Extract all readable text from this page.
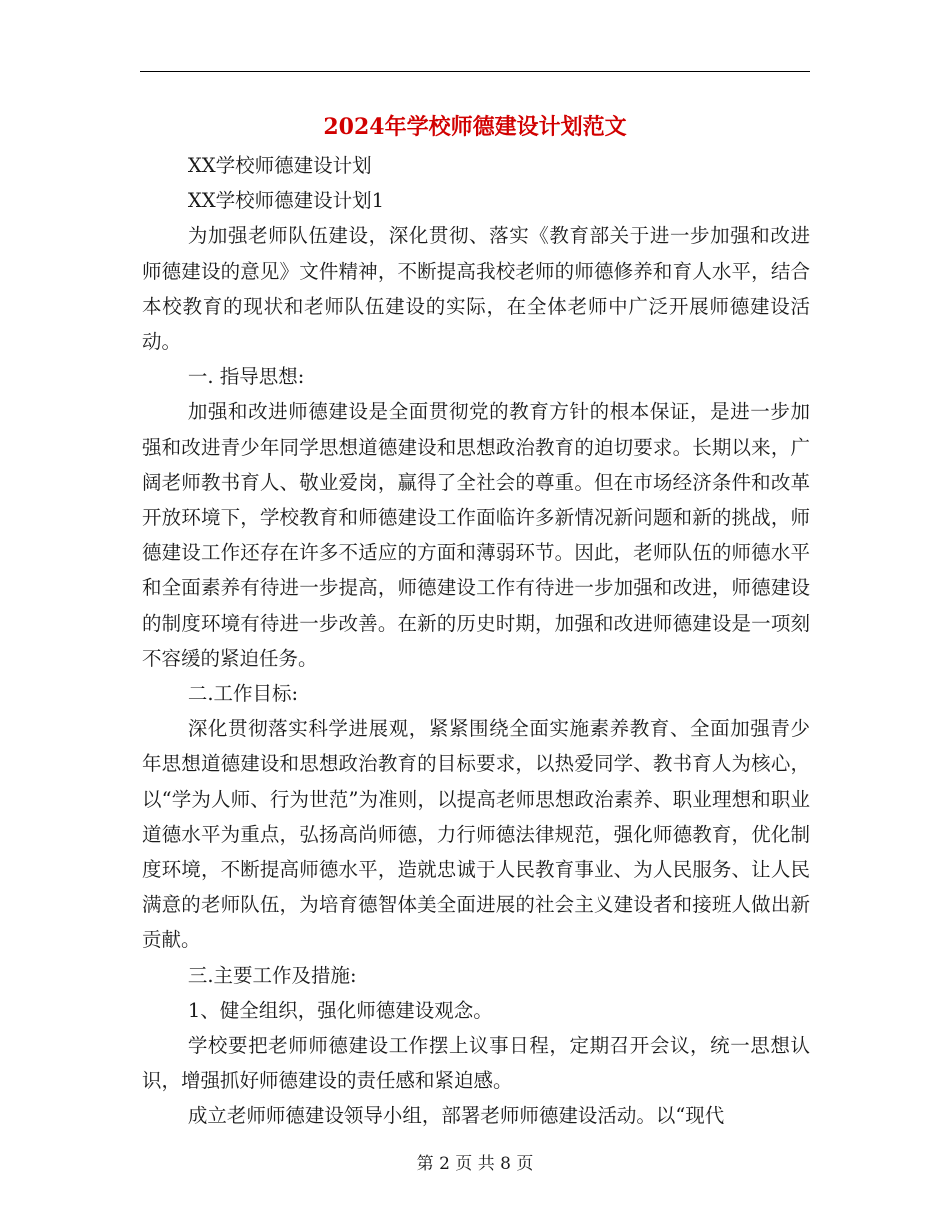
2024年学校师德建设计划范文

XX学校师德建设计划

XX学校师德建设计划1

为加强老师队伍建设，深化贯彻、落实《教育部关于进一步加强和改进师德建设的意见》文件精神，不断提高我校老师的师德修养和育人水平，结合本校教育的现状和老师队伍建设的实际，在全体老师中广泛开展师德建设活动。

一. 指导思想:

加强和改进师德建设是全面贯彻党的教育方针的根本保证，是进一步加强和改进青少年同学思想道德建设和思想政治教育的迫切要求。长期以来，广阔老师教书育人、敬业爱岗，赢得了全社会的尊重。但在市场经济条件和改革开放环境下，学校教育和师德建设工作面临许多新情况新问题和新的挑战，师德建设工作还存在许多不适应的方面和薄弱环节。因此，老师队伍的师德水平和全面素养有待进一步提高，师德建设工作有待进一步加强和改进，师德建设的制度环境有待进一步改善。在新的历史时期，加强和改进师德建设是一项刻不容缓的紧迫任务。

二.工作目标:

深化贯彻落实科学进展观，紧紧围绕全面实施素养教育、全面加强青少年思想道德建设和思想政治教育的目标要求，以热爱同学、教书育人为核心，以“学为人师、行为世范”为准则，以提高老师思想政治素养、职业理想和职业道德水平为重点，弘扬高尚师德，力行师德法律规范，强化师德教育，优化制度环境，不断提高师德水平，造就忠诚于人民教育事业、为人民服务、让人民满意的老师队伍，为培育德智体美全面进展的社会主义建设者和接班人做出新贡献。

三.主要工作及措施:

1、健全组织，强化师德建设观念。

学校要把老师师德建设工作摆上议事日程，定期召开会议，统一思想认识，增强抓好师德建设的责任感和紧迫感。

成立老师师德建设领导小组，部署老师师德建设活动。以“现代

第 2 页 共 8 页
